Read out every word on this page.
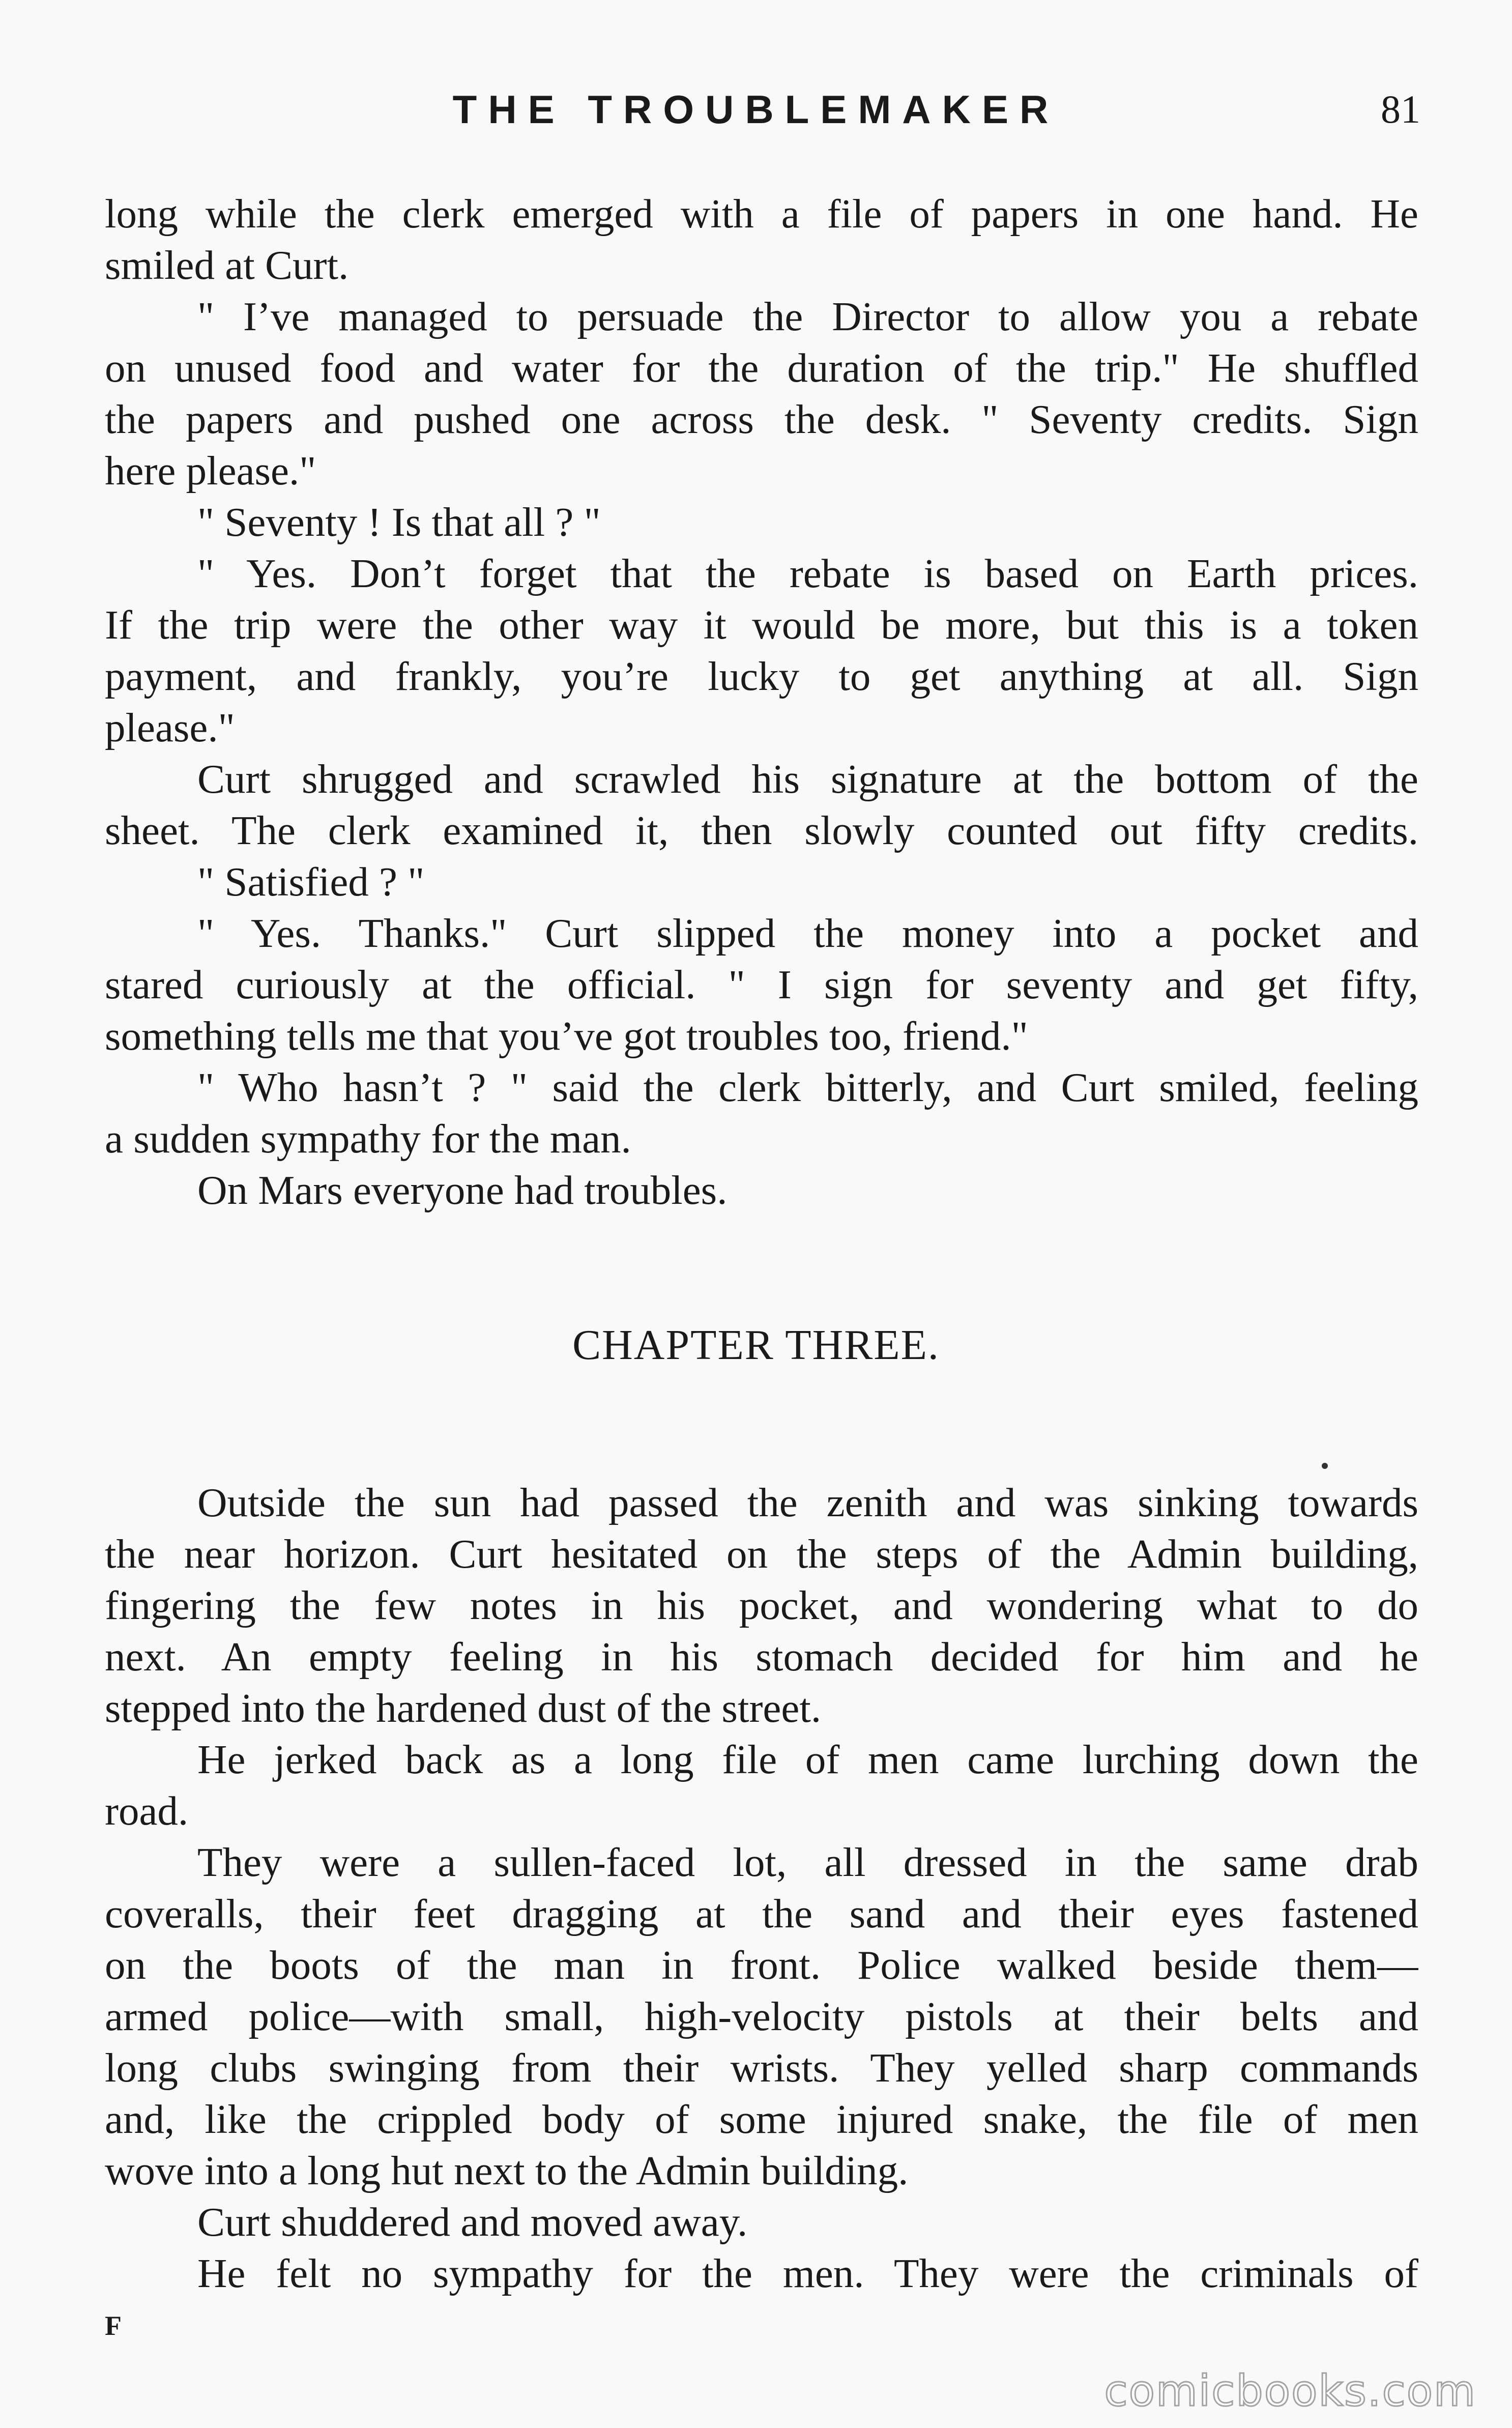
THE TROUBLEMAKER	81
long while the clerk emerged with a file of papers in one hand. He
smiled at Curt.
" I’ve managed to persuade the Director to allow you a rebate
on unused food and water for the duration of the trip." He shuffled
the papers and pushed one across the desk. " Seventy credits. Sign
here please."
" Seventy ! Is that all ? "
" Yes. Don’t forget that the rebate is based on Earth prices.
If the trip were the other way it would be more, but this is a token
payment, and frankly, you’re lucky to get anything at all. Sign
please."
Curt shrugged and scrawled his signature at the bottom of the
sheet. The clerk examined it, then slowly counted out fifty credits.
" Satisfied ? "
" Yes. Thanks." Curt slipped the money into a pocket and
stared curiously at the official. " I sign for seventy and get fifty,
something tells me that you’ve got troubles too, friend."
" Who hasn’t ? " said the clerk bitterly, and Curt smiled, feeling
a sudden sympathy for the man.
On Mars everyone had troubles.
CHAPTER THREE.
Outside the sun had passed the zenith and was sinking towards
the near horizon. Curt hesitated on the steps of the Admin building,
fingering the few notes in his pocket, and wondering what to do
next. An empty feeling in his stomach decided for him and he
stepped into the hardened dust of the street.
He jerked back as a long file of men came lurching down the
road.
They were a sullen-faced lot, all dressed in the same drab
coveralls, their feet dragging at the sand and their eyes fastened
on the boots of the man in front. Police walked beside them—
armed police—with small, high-velocity pistols at their belts and
long clubs swinging from their wrists. They yelled sharp commands
and, like the crippled body of some injured snake, the file of men
wove into a long hut next to the Admin building.
Curt shuddered and moved away.
He felt no sympathy for the men. They were the criminals of
F
comicbooks.com
